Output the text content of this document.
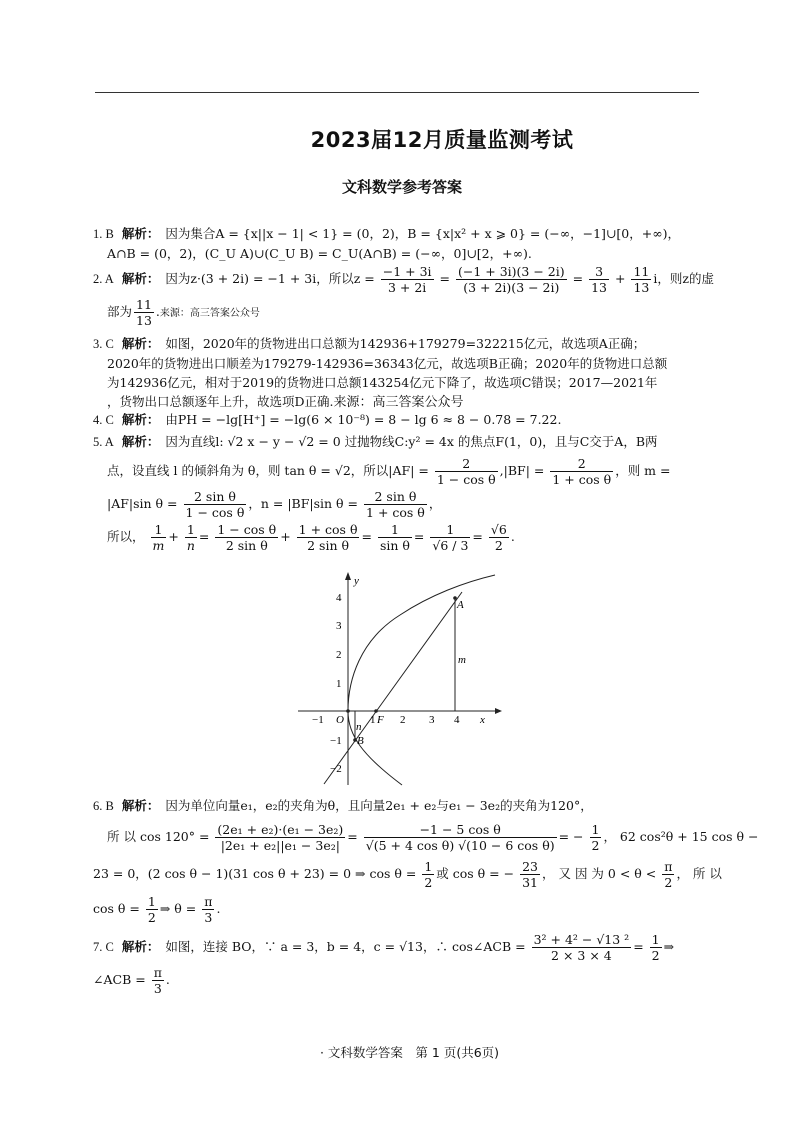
2023届12月质量监测考试
文科数学参考答案
1. B 解析： 因为集合A = {x||x − 1| < 1} = (0，2)，B = {x|x² + x ⩾ 0} = (−∞，−1]∪[0，+∞)，
A∩B = (0，2)，(C_U A)∪(C_U B) = C_U(A∩B) = (−∞，0]∪[2，+∞).
2. A 解析： 因为z·(3 + 2i) = −1 + 3i，所以$z = \frac{-1 + 3i}{3 + 2i} = \frac{(-1 + 3i)(3 - 2i)}{(3 + 2i)(3 - 2i)} = \frac{3}{13} + \frac{11}{13}$ i，则z的虚
部为 $\frac{11}{13}$ .来源：高三答案公众号
3. C 解析： 如图，2020年的货物进出口总额为142936+179279=322215亿元，故选项A正确；
2020年的货物进出口顺差为179279-142936=36343亿元，故选项B正确；2020年的货物进口总额
为142936亿元，相对于2019的货物进口总额143254亿元下降了，故选项C错误；2017—2021年
，货物出口总额逐年上升，故选项D正确.来源：高三答案公众号
4. C 解析： 由PH = −lg[H⁺] = −lg(6 × 10⁻⁸) = 8 − lg 6 ≈ 8 − 0.78 = 7.22.
5. A 解析： 因为直线l: √2 x − y − √2 = 0 过抛物线C:y² = 4x 的焦点F(1，0)，且与C交于A，B两
点，设直线 l 的倾斜角为 θ，则 tan θ = √2，所以$|AF| = \frac{2}{\text{1 − cos θ}} ,|BF| = \frac{2}{\text{1 + cos θ}}$ ，则 m =
|AF|sin $\theta = \frac{\text{2 sin θ}}{\text{1 − cos θ}}$ ，n = |BF|sin $\theta = \frac{\text{2 sin θ}}{\text{1 + cos θ}}$ ，
所以， $\frac{1}{m} + \frac{1}{n} = \frac{\text{1 − cos θ}}{\text{2 sin θ}} + \frac{\text{1 + cos θ}}{\text{2 sin θ}} = \frac{1}{\text{sin θ}} = \frac{1}{√6 / 3} = \frac{√6}{2}$ .
x
y
O	F
A
B
m
n
−1	1 2 3 4
4
3
2
1
−1
−2
6. B 解析： 因为单位向量e₁，e₂的夹角为θ，且向量2e₁ + e₂与e₁ − 3e₂的夹角为120°，
所 以 $\cos 120^\circ = \frac{\text{(2e₁ + e₂)·(e₁ − 3e₂)}}{\text{|2e₁ + e₂||e₁ − 3e₂|}} = \frac{\text{−1 − 5 cos θ}}{\text{√(5 + 4 cos θ) √(10 − 6 cos θ)}}$ = − $\frac{1}{2}$ ， 62 cos²θ + 15 cos θ −
23 = 0，(2 cos θ − 1)(31 cos θ + 23) = 0 ⇒ $\cos \theta = \frac{1}{2}$ 或 cos θ = − $\frac{23}{31}$ ， 又 因 为 $0 < \theta < \frac{\pi}{2}$ ， 所 以
$\cos \theta = \frac{1}{2}$ ⇒ $\theta = \frac{\pi}{3}$ .
7. C 解析： 如图，连接 BO，∵ a = 3，b = 4，c = √13，∴ cos∠ACB = $\frac{\text{3² + 4² − √13 ²}}{2 \times 3 \times 4} = \frac{1}{2}$ ⇒
∠ACB = $\frac{\pi}{3}$ .
· 文科数学答案　第 1 页(共6页)
